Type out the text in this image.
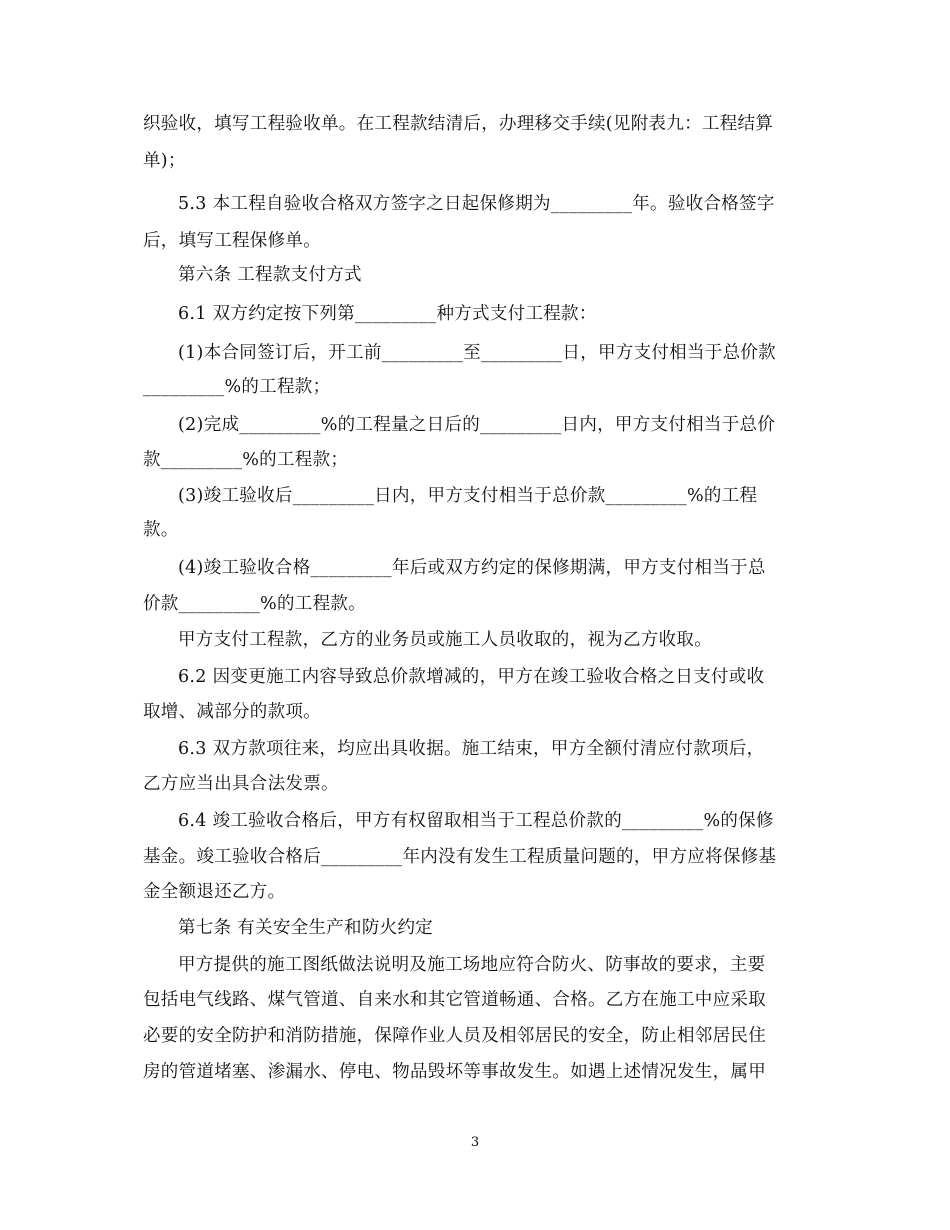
织验收，填写工程验收单。在工程款结清后，办理移交手续(见附表九：工程结算
单)；
5.3 本工程自验收合格双方签字之日起保修期为_________年。验收合格签字
后，填写工程保修单。
第六条 工程款支付方式
6.1 双方约定按下列第_________种方式支付工程款：
(1)本合同签订后，开工前_________至_________日，甲方支付相当于总价款
_________%的工程款；
(2)完成_________%的工程量之日后的_________日内，甲方支付相当于总价
款_________%的工程款；
(3)竣工验收后_________日内，甲方支付相当于总价款_________%的工程
款。
(4)竣工验收合格_________年后或双方约定的保修期满，甲方支付相当于总
价款_________%的工程款。
甲方支付工程款，乙方的业务员或施工人员收取的，视为乙方收取。
6.2 因变更施工内容导致总价款增减的，甲方在竣工验收合格之日支付或收
取增、减部分的款项。
6.3 双方款项往来，均应出具收据。施工结束，甲方全额付清应付款项后，
乙方应当出具合法发票。
6.4 竣工验收合格后，甲方有权留取相当于工程总价款的_________%的保修
基金。竣工验收合格后_________年内没有发生工程质量问题的，甲方应将保修基
金全额退还乙方。
第七条 有关安全生产和防火约定
甲方提供的施工图纸做法说明及施工场地应符合防火、防事故的要求，主要
包括电气线路、煤气管道、自来水和其它管道畅通、合格。乙方在施工中应采取
必要的安全防护和消防措施，保障作业人员及相邻居民的安全，防止相邻居民住
房的管道堵塞、渗漏水、停电、物品毁坏等事故发生。如遇上述情况发生，属甲
3
